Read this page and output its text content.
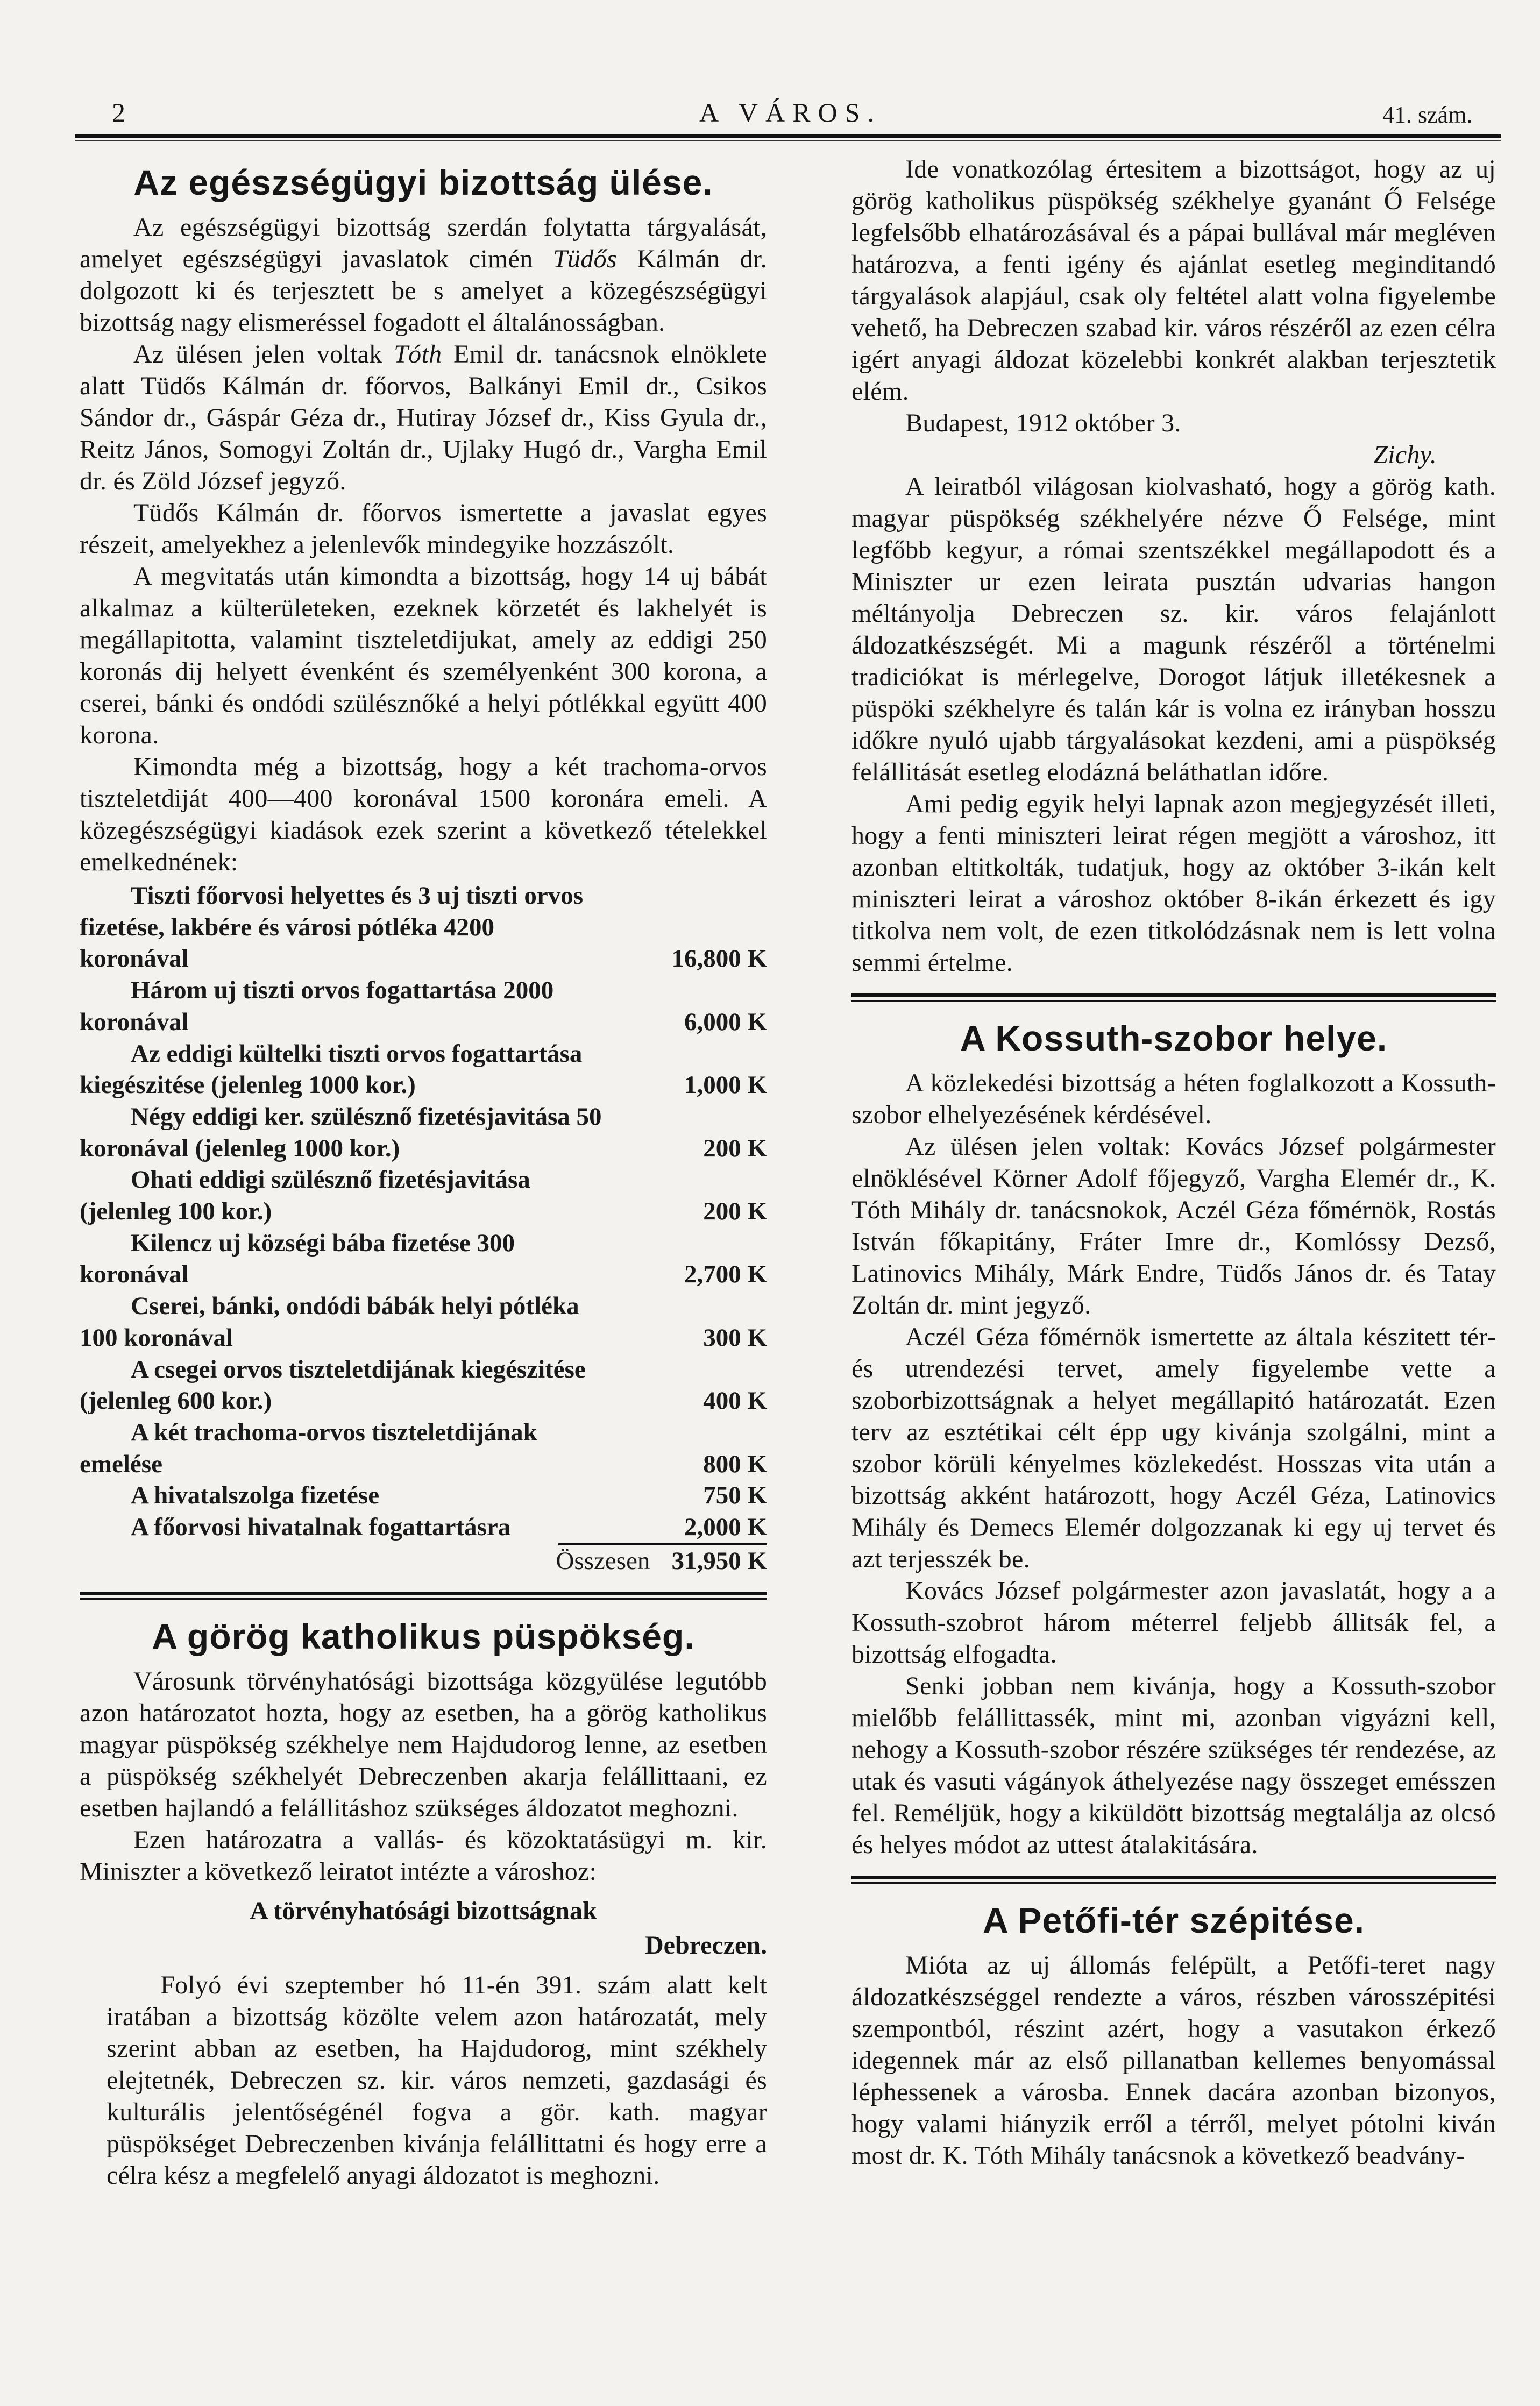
2	A VÁROS.	41. szám.
Az egészségügyi bizottság ülése.

Az egészségügyi bizottság szerdán folytatta tárgyalását, amelyet egészségügyi javaslatok cimén Tüdős Kálmán dr. dolgozott ki és terjesztett be s amelyet a közegészségügyi bizottság nagy elismeréssel fogadott el általánosságban.

Az ülésen jelen voltak Tóth Emil dr. tanácsnok elnöklete alatt Tüdős Kálmán dr. főorvos, Balkányi Emil dr., Csikos Sándor dr., Gáspár Géza dr., Hutiray József dr., Kiss Gyula dr., Reitz János, Somogyi Zoltán dr., Ujlaky Hugó dr., Vargha Emil dr. és Zöld József jegyző.

Tüdős Kálmán dr. főorvos ismertette a javaslat egyes részeit, amelyekhez a jelenlevők mindegyike hozzászólt.

A megvitatás után kimondta a bizottság, hogy 14 uj bábát alkalmaz a külterületeken, ezeknek körzetét és lakhelyét is megállapitotta, valamint tiszteletdijukat, amely az eddigi 250 koronás dij helyett évenként és személyenként 300 korona, a cserei, bánki és ondódi szülésznőké a helyi pótlékkal együtt 400 korona.

Kimondta még a bizottság, hogy a két trachoma-orvos tiszteletdiját 400—400 koronával 1500 koronára emeli. A közegészségügyi kiadások ezek szerint a következő tételekkel emelkednének:

Tiszti főorvosi helyettes és 3 uj tiszti orvos fizetése, lakbére és városi pótléka 4200 koronával	16,800 K
Három uj tiszti orvos fogattartása 2000 koronával	6,000 K
Az eddigi kültelki tiszti orvos fogattartása kiegészitése (jelenleg 1000 kor.)	1,000 K
Négy eddigi ker. szülésznő fizetésjavitása 50 koronával (jelenleg 1000 kor.)	200 K
Ohati eddigi szülésznő fizetésjavitása (jelenleg 100 kor.)	200 K
Kilencz uj községi bába fizetése 300 koronával	2,700 K
Cserei, bánki, ondódi bábák helyi pótléka 100 koronával	300 K
A csegei orvos tiszteletdijának kiegészitése (jelenleg 600 kor.)	400 K
A két trachoma-orvos tiszteletdijának emelése	800 K
A hivatalszolga fizetése	750 K
A főorvosi hivatalnak fogattartásra	2,000 K
Összesen 31,950 K
A görög katholikus püspökség.

Városunk törvényhatósági bizottsága közgyülése legutóbb azon határozatot hozta, hogy az esetben, ha a görög katholikus magyar püspökség székhelye nem Hajdudorog lenne, az esetben a püspökség székhelyét Debreczenben akarja felállittaani, ez esetben hajlandó a felállitáshoz szükséges áldozatot meghozni.

Ezen határozatra a vallás- és közoktatásügyi m. kir. Miniszter a következő leiratot intézte a városhoz:

A törvényhatósági bizottságnak
Debreczen.

Folyó évi szeptember hó 11-én 391. szám alatt kelt iratában a bizottság közölte velem azon határozatát, mely szerint abban az esetben, ha Hajdudorog, mint székhely elejtetnék, Debreczen sz. kir. város nemzeti, gazdasági és kulturális jelentőségénél fogva a gör. kath. magyar püspökséget Debreczenben kivánja felállittatni és hogy erre a célra kész a megfelelő anyagi áldozatot is meghozni.

Ide vonatkozólag értesitem a bizottságot, hogy az uj görög katholikus püspökség székhelye gyanánt Ő Felsége legfelsőbb elhatározásával és a pápai bullával már megléven határozva, a fenti igény és ajánlat esetleg meginditandó tárgyalások alapjául, csak oly feltétel alatt volna figyelembe vehető, ha Debreczen szabad kir. város részéről az ezen célra igért anyagi áldozat közelebbi konkrét alakban terjesztetik elém.

Budapest, 1912 október 3.

Zichy.

A leiratból világosan kiolvasható, hogy a görög kath. magyar püspökség székhelyére nézve Ő Felsége, mint legfőbb kegyur, a római szentszékkel megállapodott és a Miniszter ur ezen leirata pusztán udvarias hangon méltányolja Debreczen sz. kir. város felajánlott áldozatkészségét. Mi a magunk részéről a történelmi tradiciókat is mérlegelve, Dorogot látjuk illetékesnek a püspöki székhelyre és talán kár is volna ez irányban hosszu időkre nyuló ujabb tárgyalásokat kezdeni, ami a püspökség felállitását esetleg elodázná beláthatlan időre.

Ami pedig egyik helyi lapnak azon megjegyzését illeti, hogy a fenti miniszteri leirat régen megjött a városhoz, itt azonban eltitkolták, tudatjuk, hogy az október 3-ikán kelt miniszteri leirat a városhoz október 8-ikán érkezett és igy titkolva nem volt, de ezen titkolódzásnak nem is lett volna semmi értelme.

A Kossuth-szobor helye.

A közlekedési bizottság a héten foglalkozott a Kossuth-szobor elhelyezésének kérdésével.

Az ülésen jelen voltak: Kovács József polgármester elnöklésével Körner Adolf főjegyző, Vargha Elemér dr., K. Tóth Mihály dr. tanácsnokok, Aczél Géza főmérnök, Rostás István főkapitány, Fráter Imre dr., Komlóssy Dezső, Latinovics Mihály, Márk Endre, Tüdős János dr. és Tatay Zoltán dr. mint jegyző.

Aczél Géza főmérnök ismertette az általa készitett tér- és utrendezési tervet, amely figyelembe vette a szoborbizottságnak a helyet megállapitó határozatát. Ezen terv az esztétikai célt épp ugy kivánja szolgálni, mint a szobor körüli kényelmes közlekedést. Hosszas vita után a bizottság akként határozott, hogy Aczél Géza, Latinovics Mihály és Demecs Elemér dolgozzanak ki egy uj tervet és azt terjesszék be.

Kovács József polgármester azon javaslatát, hogy a a Kossuth-szobrot három méterrel feljebb állitsák fel, a bizottság elfogadta.

Senki jobban nem kivánja, hogy a Kossuth-szobor mielőbb felállittassék, mint mi, azonban vigyázni kell, nehogy a Kossuth-szobor részére szükséges tér rendezése, az utak és vasuti vágányok áthelyezése nagy összeget emésszen fel. Reméljük, hogy a kiküldött bizottság megtalálja az olcsó és helyes módot az uttest átalakitására.

A Petőfi-tér szépitése.

Mióta az uj állomás felépült, a Petőfi-teret nagy áldozatkészséggel rendezte a város, részben városszépitési szempontból, részint azért, hogy a vasutakon érkező idegennek már az első pillanatban kellemes benyomással léphessenek a városba. Ennek dacára azonban bizonyos, hogy valami hiányzik erről a térről, melyet pótolni kiván most dr. K. Tóth Mihály tanácsnok a következő beadvány-
